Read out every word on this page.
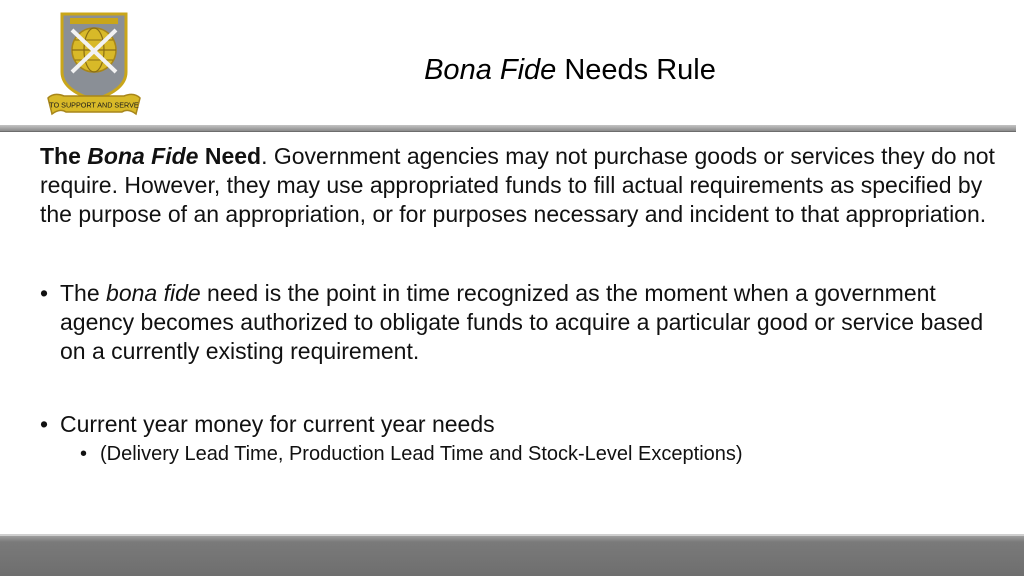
TO SUPPORT AND SERVE
Bona Fide Needs Rule

The Bona Fide Need. Government agencies may not purchase goods or services they do not require. However, they may use appropriated funds to fill actual requirements as specified by the purpose of an appropriation, or for purposes necessary and incident to that appropriation.

• The bona fide need is the point in time recognized as the moment when a government agency becomes authorized to obligate funds to acquire a particular good or service based on a currently existing requirement.

• Current year money for current year needs

• (Delivery Lead Time, Production Lead Time and Stock-Level Exceptions)
